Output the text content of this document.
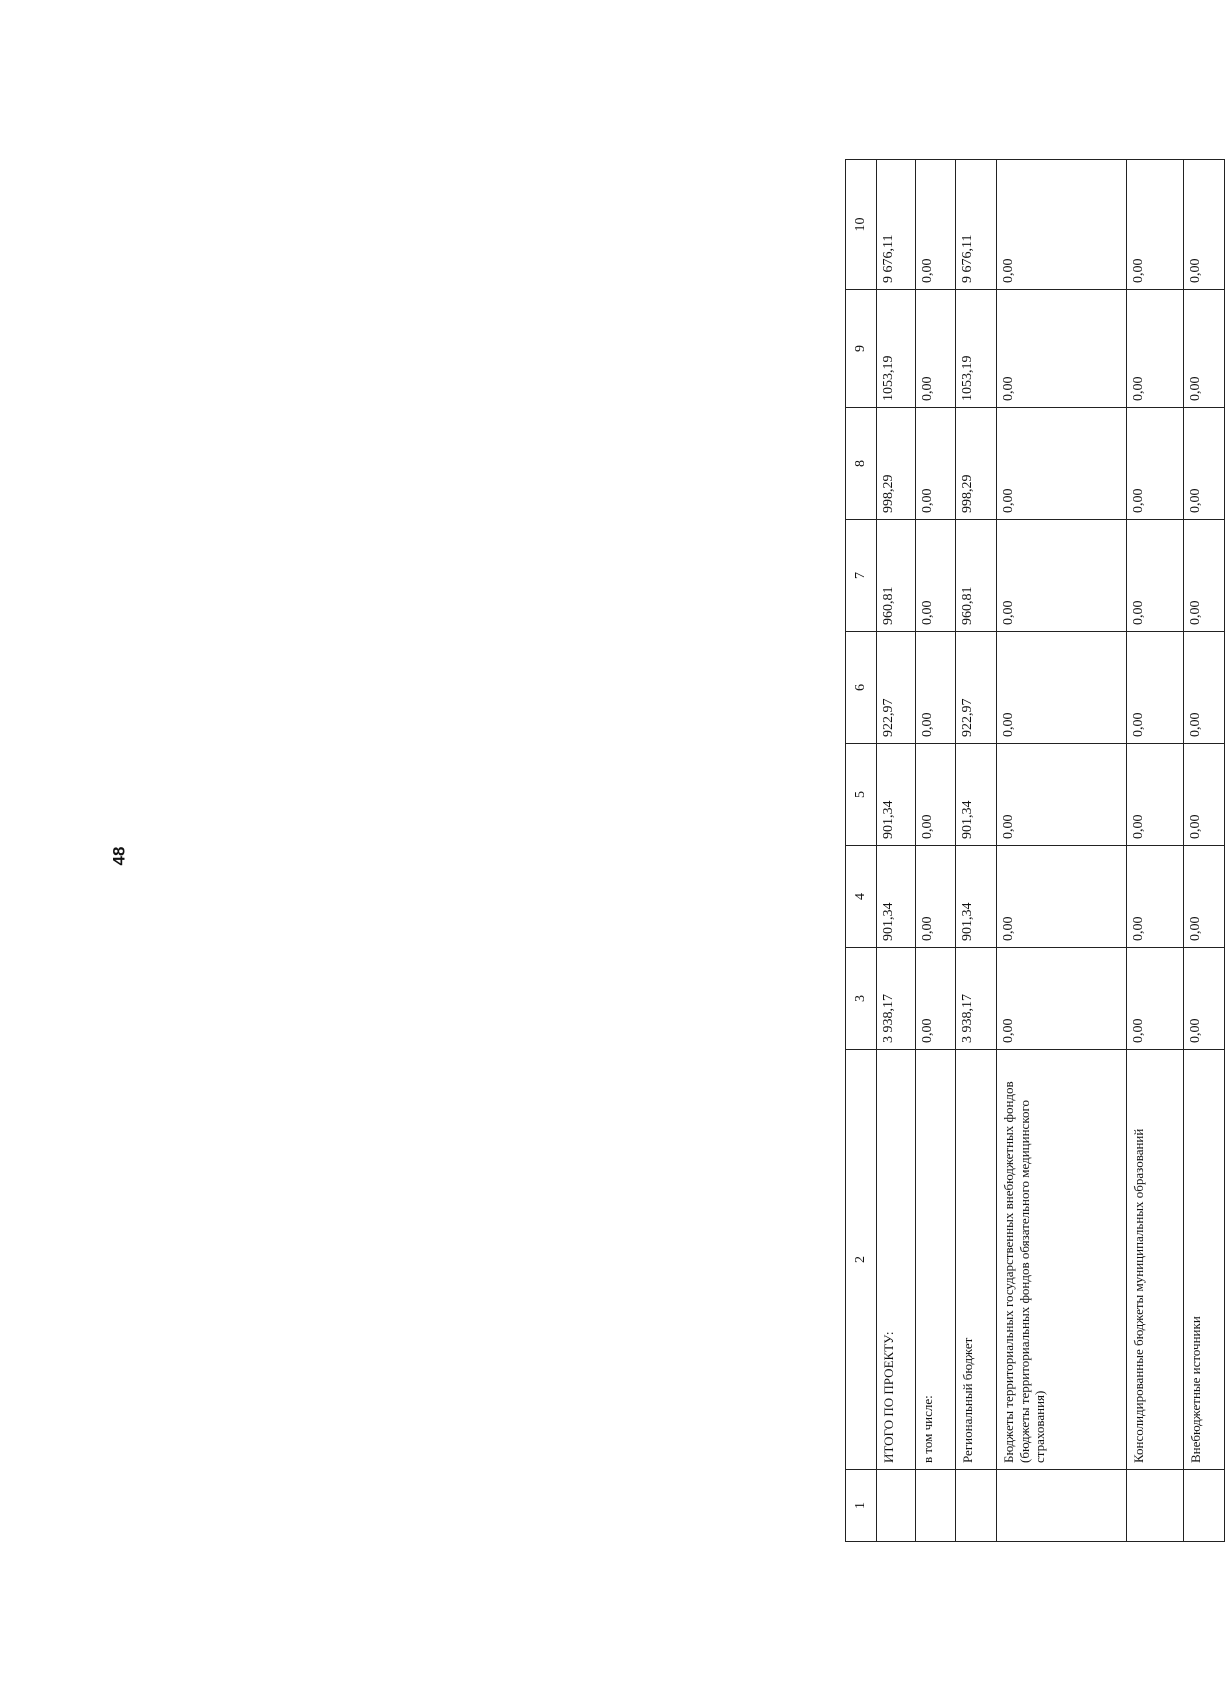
48
1	2	3	4	5	6	7	8	9	10
	ИТОГО ПО ПРОЕКТУ:	3 938,17	901,34	901,34	922,97	960,81	998,29	1053,19	9 676,11
	в том числе:	0,00	0,00	0,00	0,00	0,00	0,00	0,00	0,00
	Региональный бюджет	3 938,17	901,34	901,34	922,97	960,81	998,29	1053,19	9 676,11
	Бюджеты территориальных государственных внебюджетных фондов (бюджеты территориальных фондов обязательного медицинского страхования)	0,00	0,00	0,00	0,00	0,00	0,00	0,00	0,00
	Консолидированные бюджеты муниципальных образований	0,00	0,00	0,00	0,00	0,00	0,00	0,00	0,00
	Внебюджетные источники	0,00	0,00	0,00	0,00	0,00	0,00	0,00	0,00
